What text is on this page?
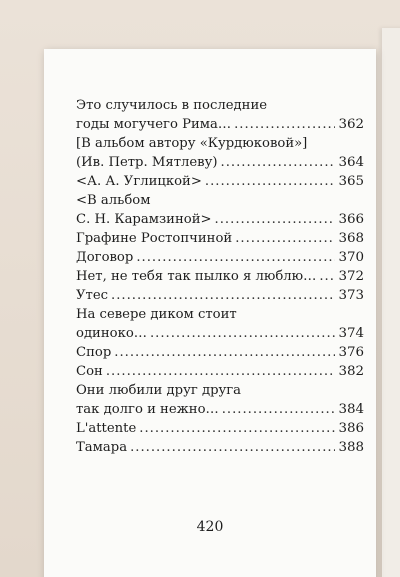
Это случилось в последние
годы могучего Рима… .....	362
[В альбом автору «Курдюковой»]
(Ив. Петр. Мятлеву) .....	364
<А. А. Углицкой> .....	365
<В альбом
С. Н. Карамзиной> .....	366
Графине Ростопчиной .....	368
Договор .....	370
Нет, не тебя так пылко я люблю… ..... 372
Утес .....	373
На севере диком стоит
одиноко… .....	374
Спор .....	376
Сон .....	382
Они любили друг друга
так долго и нежно… .....	384
L'attente .....	386
Тамара .....	388
420
